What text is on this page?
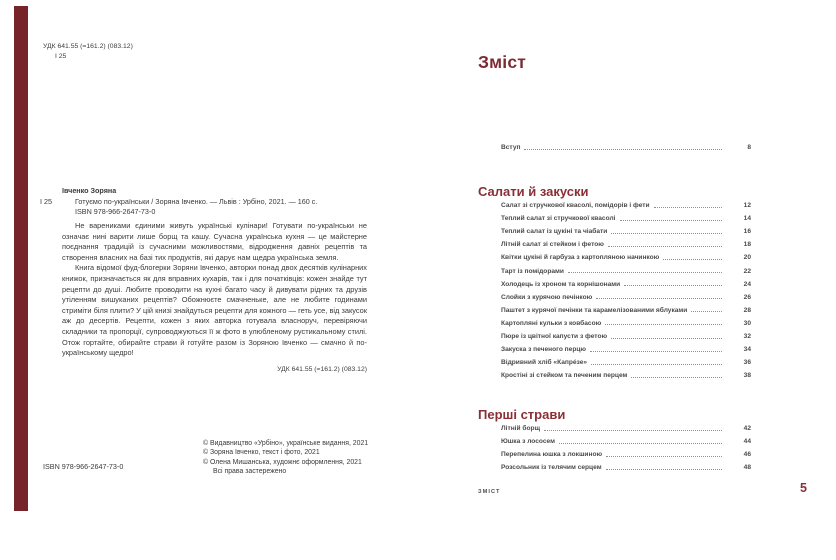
УДК 641.55 (=161.2) (083.12)
І 25
Івченко Зоряна
І 25	Готуємо по-українськи / Зоряна Івченко. — Львів : Урбіно, 2021. — 160 с.
ISBN 978-966-2647-73-0

Не варениками єдиними живуть українські кулінари! Готувати по-українськи не означає нині варити лише борщ та кашу. Сучасна українська кухня — це майстерне поєднання традицій із сучасними можливостями, відродження давніх рецептів та створення власних на базі тих продуктів, які дарує нам щедра українська земля.

Книга відомої фуд-блогерки Зоряни Івченко, авторки понад двох десятків кулінарних книжок, призначається як для вправних кухарів, так і для початківців: кожен знайде тут рецепти до душі. Любите проводити на кухні багато часу й дивувати рідних та друзів утіленням вишуканих рецептів? Обожнюєте смачненьке, але не любите годинами стриміти біля плити? У цій книзі знайдуться рецепти для кожного — геть усе, від закусок аж до десертів. Рецепти, кожен з яких авторка готувала власноруч, перевіряючи складники та пропорції, супроводжуються її ж фото в улюбленому рустикальному стилі. Отож гортайте, обирайте страви й готуйте разом із Зоряною Івченко — смачно й по-українському щедро!

УДК 641.55 (=161.2) (083.12)
© Видавництво «Урбіно», українське видання, 2021
© Зоряна Івченко, текст і фото, 2021
© Олена Мишанська, художнє оформлення, 2021
Всі права застережено
ISBN 978-966-2647-73-0
Зміст
Вступ	8
Салати й закуски
Салат зі стручкової квасолі, помідорів і фети	12
Теплий салат зі стручкової квасолі	14
Теплий салат із цукіні та чіабати	16
Літній салат зі стейком і фетою	18
Квітки цукіні й гарбуза з картопляною начинкою	20
Тарт із помідорами	22
Холодець із хроном та корнішонами	24
Слойки з курячою печінкою	26
Паштет з курячої печінки та карамелізованими яблуками	28
Картопляні кульки з ковбасою	30
Пюре із цвітної капусти з фетою	32
Закуска з печеного перцю	34
Відривний хліб «Капрéзе»	36
Кростіні зі стейком та печеним перцем	38
Перші страви
Літній борщ	42
Юшка з лососем	44
Перепелина юшка з локшиною	46
Розсольник із телячим серцем	48
ЗМІСТ	5
